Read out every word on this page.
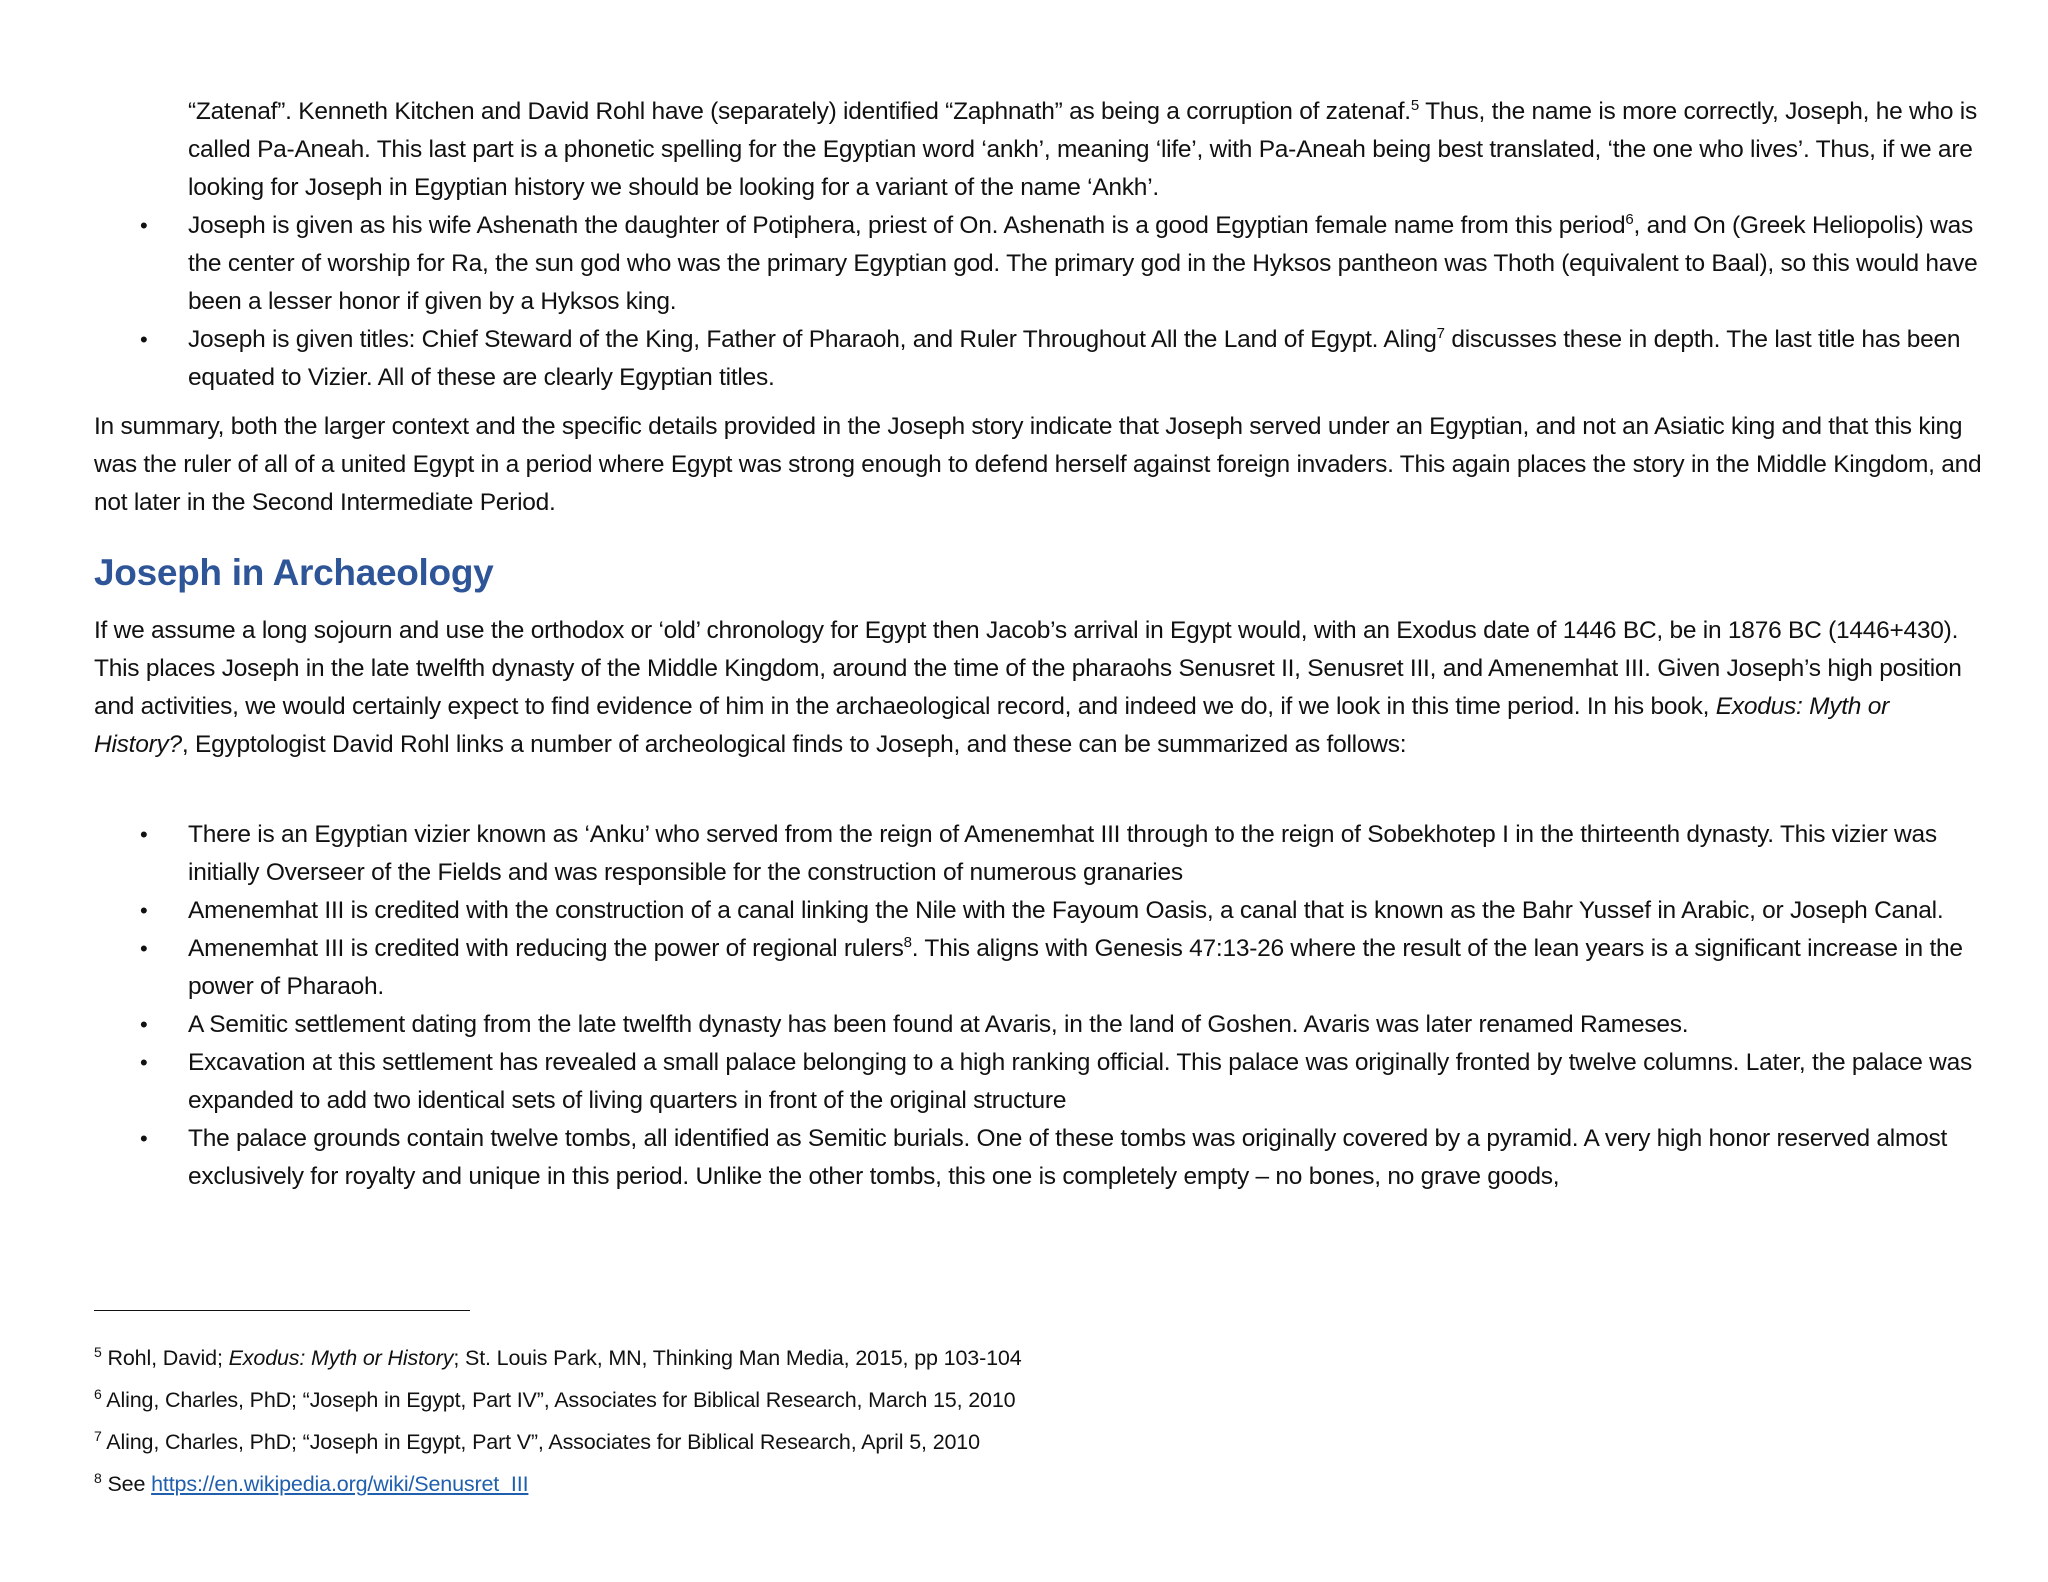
“Zatenaf”. Kenneth Kitchen and David Rohl have (separately) identified “Zaphnath” as being a corruption of zatenaf.$^5$ Thus, the name is more correctly, Joseph, he who is called Pa-Aneah. This last part is a phonetic spelling for the Egyptian word ‘ankh’, meaning ‘life’, with Pa-Aneah being best translated, ‘the one who lives’. Thus, if we are looking for Joseph in Egyptian history we should be looking for a variant of the name ‘Ankh’.

• Joseph is given as his wife Ashenath the daughter of Potiphera, priest of On. Ashenath is a good Egyptian female name from this period$^6$, and On (Greek Heliopolis) was the center of worship for Ra, the sun god who was the primary Egyptian god. The primary god in the Hyksos pantheon was Thoth (equivalent to Baal), so this would have been a lesser honor if given by a Hyksos king.
• Joseph is given titles: Chief Steward of the King, Father of Pharaoh, and Ruler Throughout All the Land of Egypt. Aling$^7$ discusses these in depth. The last title has been equated to Vizier. All of these are clearly Egyptian titles.

In summary, both the larger context and the specific details provided in the Joseph story indicate that Joseph served under an Egyptian, and not an Asiatic king and that this king was the ruler of all of a united Egypt in a period where Egypt was strong enough to defend herself against foreign invaders. This again places the story in the Middle Kingdom, and not later in the Second Intermediate Period.

Joseph in Archaeology

If we assume a long sojourn and use the orthodox or ‘old’ chronology for Egypt then Jacob’s arrival in Egypt would, with an Exodus date of 1446 BC, be in 1876 BC (1446+430). This places Joseph in the late twelfth dynasty of the Middle Kingdom, around the time of the pharaohs Senusret II, Senusret III, and Amenemhat III. Given Joseph’s high position and activities, we would certainly expect to find evidence of him in the archaeological record, and indeed we do, if we look in this time period. In his book, Exodus: Myth or History?, Egyptologist David Rohl links a number of archeological finds to Joseph, and these can be summarized as follows:

• There is an Egyptian vizier known as ‘Anku’ who served from the reign of Amenemhat III through to the reign of Sobekhotep I in the thirteenth dynasty. This vizier was initially Overseer of the Fields and was responsible for the construction of numerous granaries
• Amenemhat III is credited with the construction of a canal linking the Nile with the Fayoum Oasis, a canal that is known as the Bahr Yussef in Arabic, or Joseph Canal.
• Amenemhat III is credited with reducing the power of regional rulers$^8$. This aligns with Genesis 47:13-26 where the result of the lean years is a significant increase in the power of Pharaoh.
• A Semitic settlement dating from the late twelfth dynasty has been found at Avaris, in the land of Goshen. Avaris was later renamed Rameses.
• Excavation at this settlement has revealed a small palace belonging to a high ranking official. This palace was originally fronted by twelve columns. Later, the palace was expanded to add two identical sets of living quarters in front of the original structure
• The palace grounds contain twelve tombs, all identified as Semitic burials. One of these tombs was originally covered by a pyramid. A very high honor reserved almost exclusively for royalty and unique in this period. Unlike the other tombs, this one is completely empty – no bones, no grave goods,
$^5$ Rohl, David; Exodus: Myth or History; St. Louis Park, MN, Thinking Man Media, 2015, pp 103-104
$^6$ Aling, Charles, PhD; “Joseph in Egypt, Part IV”, Associates for Biblical Research, March 15, 2010
$^7$ Aling, Charles, PhD; “Joseph in Egypt, Part V”, Associates for Biblical Research, April 5, 2010
$^8$ See https://en.wikipedia.org/wiki/Senusret_III
